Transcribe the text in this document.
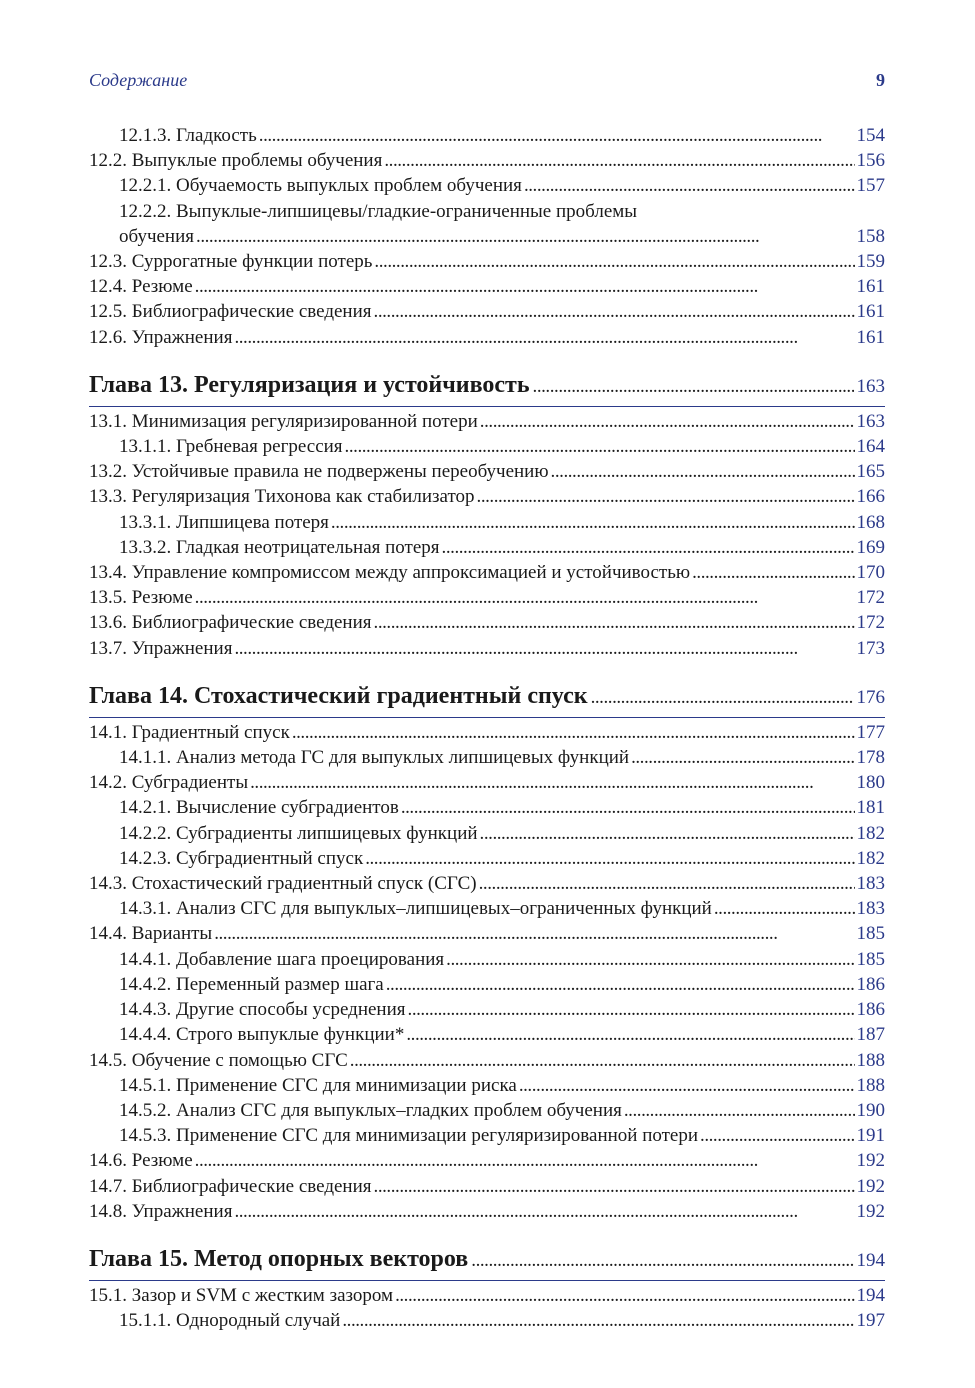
Содержание	9
12.1.3. Гладкость . . .	154
12.2. Выпуклые проблемы обучения . . .	156
12.2.1. Обучаемость выпуклых проблем обучения . . .	157
12.2.2. Выпуклые-липшицевы/гладкие-ограниченные проблемы
обучения . . .	158
12.3. Суррогатные функции потерь . . .	159
12.4. Резюме . . .	161
12.5. Библиографические сведения . . .	161
12.6. Упражнения . . .	161
Глава 13. Регуляризация и устойчивость . . .	163
13.1. Минимизация регуляризированной потери . . .	163
13.1.1. Гребневая регрессия . . .	164
13.2. Устойчивые правила не подвержены переобучению . . .	165
13.3. Регуляризация Тихонова как стабилизатор . . .	166
13.3.1. Липшицева потеря . . .	168
13.3.2. Гладкая неотрицательная потеря . . .	169
13.4. Управление компромиссом между аппроксимацией и устойчивостью . . .	170
13.5. Резюме . . .	172
13.6. Библиографические сведения . . .	172
13.7. Упражнения . . .	173
Глава 14. Стохастический градиентный спуск . . .	176
14.1. Градиентный спуск . . .	177
14.1.1. Анализ метода ГС для выпуклых липшицевых функций . . .	178
14.2. Субградиенты . . .	180
14.2.1. Вычисление субградиентов . . .	181
14.2.2. Субградиенты липшицевых функций . . .	182
14.2.3. Субградиентный спуск . . .	182
14.3. Стохастический градиентный спуск (СГС) . . .	183
14.3.1. Анализ СГС для выпуклых–липшицевых–ограниченных функций . . .	183
14.4. Варианты . . .	185
14.4.1. Добавление шага проецирования . . .	185
14.4.2. Переменный размер шага . . .	186
14.4.3. Другие способы усреднения . . .	186
14.4.4. Строго выпуклые функции* . . .	187
14.5. Обучение с помощью СГС . . .	188
14.5.1. Применение СГС для минимизации риска . . .	188
14.5.2. Анализ СГС для выпуклых–гладких проблем обучения . . .	190
14.5.3. Применение СГС для минимизации регуляризированной потери . . .	191
14.6. Резюме . . .	192
14.7. Библиографические сведения . . .	192
14.8. Упражнения . . .	192
Глава 15. Метод опорных векторов . . .	194
15.1. Зазор и SVM с жестким зазором . . .	194
15.1.1. Однородный случай . . .	197
